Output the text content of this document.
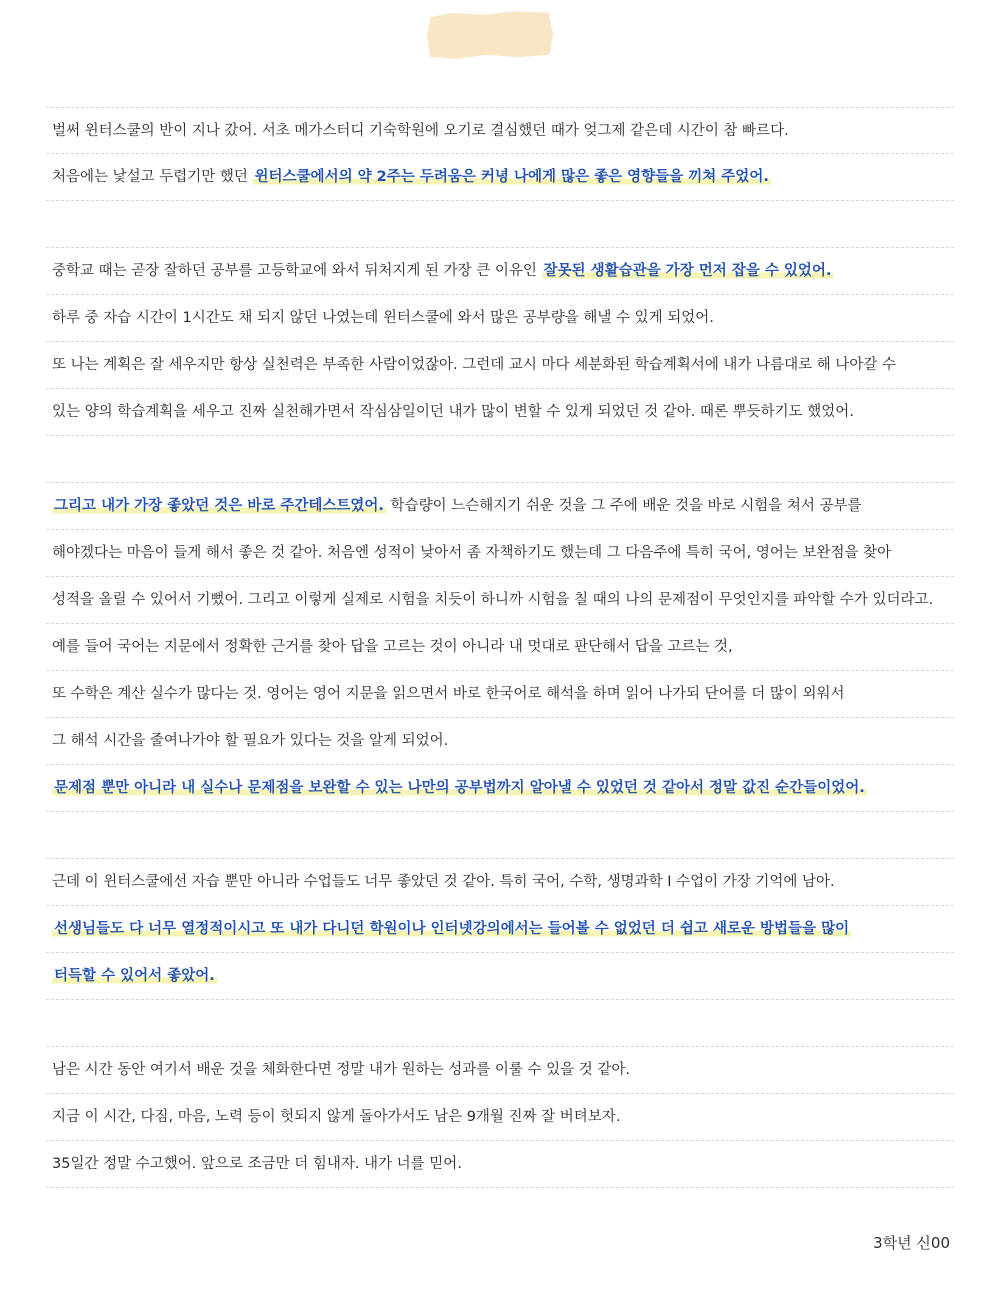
벌써 윈터스쿨의 반이 지나 갔어. 서초 메가스터디 기숙학원에 오기로 결심했던 때가 엊그제 같은데 시간이 참 빠르다.
처음에는 낯설고 두렵기만 했던 윈터스쿨에서의 약 2주는 두려움은 커녕 나에게 많은 좋은 영향들을 끼쳐 주었어.
중학교 때는 곧장 잘하던 공부를 고등학교에 와서 뒤처지게 된 가장 큰 이유인 잘못된 생활습관을 가장 먼저 잡을 수 있었어.
하루 중 자습 시간이 1시간도 채 되지 않던 나였는데 윈터스쿨에 와서 많은 공부량을 해낼 수 있게 되었어.
또 나는 계획은 잘 세우지만 항상 실천력은 부족한 사람이었잖아. 그런데 교시 마다 세분화된 학습계획서에 내가 나름대로 해 나아갈 수
있는 양의 학습계획을 세우고 진짜 실천해가면서 작심삼일이던 내가 많이 변할 수 있게 되었던 것 같아. 때론 뿌듯하기도 했었어.
그리고 내가 가장 좋았던 것은 바로 주간테스트였어. 학습량이 느슨해지기 쉬운 것을 그 주에 배운 것을 바로 시험을 쳐서 공부를
해야겠다는 마음이 들게 해서 좋은 것 같아. 처음엔 성적이 낮아서 좀 자책하기도 했는데 그 다음주에 특히 국어, 영어는 보완점을 찾아
성적을 올릴 수 있어서 기뻤어. 그리고 이렇게 실제로 시험을 치듯이 하니까 시험을 칠 때의 나의 문제점이 무엇인지를 파악할 수가 있더라고.
예를 들어 국어는 지문에서 정확한 근거를 찾아 답을 고르는 것이 아니라 내 멋대로 판단해서 답을 고르는 것,
또 수학은 계산 실수가 많다는 것. 영어는 영어 지문을 읽으면서 바로 한국어로 해석을 하며 읽어 나가되 단어를 더 많이 외워서
그 해석 시간을 줄여나가야 할 필요가 있다는 것을 알게 되었어.
문제점 뿐만 아니라 내 실수나 문제점을 보완할 수 있는 나만의 공부법까지 알아낼 수 있었던 것 같아서 정말 값진 순간들이었어.
근데 이 윈터스쿨에선 자습 뿐만 아니라 수업들도 너무 좋았던 것 같아. 특히 국어, 수학, 생명과학 Ⅰ 수업이 가장 기억에 남아.
선생님들도 다 너무 열정적이시고 또 내가 다니던 학원이나 인터넷강의에서는 들어볼 수 없었던 더 쉽고 새로운 방법들을 많이
터득할 수 있어서 좋았어.
남은 시간 동안 여기서 배운 것을 체화한다면 정말 내가 원하는 성과를 이룰 수 있을 것 같아.
지금 이 시간, 다짐, 마음, 노력 등이 헛되지 않게 돌아가서도 남은 9개월 진짜 잘 버텨보자.
35일간 정말 수고했어. 앞으로 조금만 더 힘내자. 내가 너를 믿어.
3학년 신00
